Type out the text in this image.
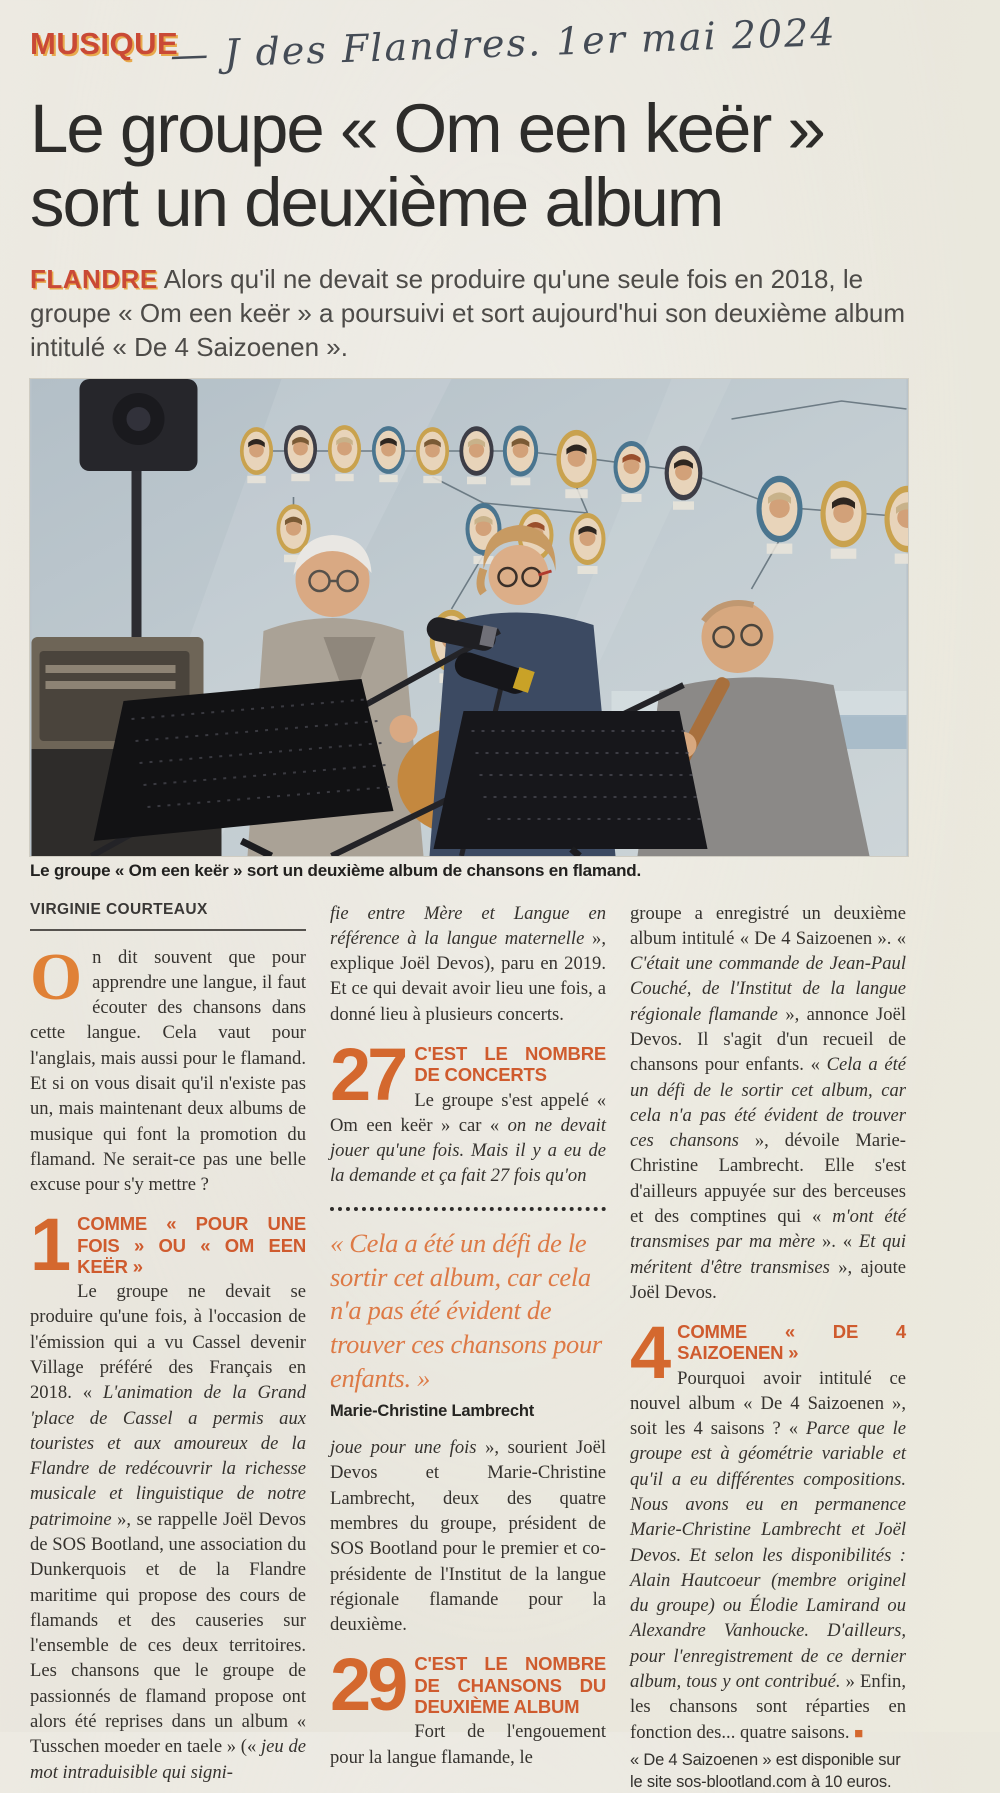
MUSIQUE
— J des Flandres. 1er mai 2024
Le groupe « Om een keër »
sort un deuxième album

FLANDRE Alors qu'il ne devait se produire qu'une seule fois en 2018, le groupe « Om een keër » a poursuivi et sort aujourd'hui son deuxième album intitulé « De 4 Saizoenen ».

Le groupe « Om een keër » sort un deuxième album de chansons en flamand.

VIRGINIE COURTEAUX

On dit souvent que pour apprendre une langue, il faut écouter des chansons dans cette langue. Cela vaut pour l'anglais, mais aussi pour le flamand. Et si on vous disait qu'il n'existe pas un, mais maintenant deux albums de musique qui font la promotion du flamand. Ne serait-ce pas une belle excuse pour s'y mettre ?

1 COMME « POUR UNE FOIS » OU « OM EEN KEËR »

Le groupe ne devait se produire qu'une fois, à l'occasion de l'émission qui a vu Cassel devenir Village préféré des Français en 2018. « L'animation de la Grand 'place de Cassel a permis aux touristes et aux amoureux de la Flandre de redécouvrir la richesse musicale et linguistique de notre patrimoine », se rappelle Joël Devos de SOS Bootland, une association du Dunkerquois et de la Flandre maritime qui propose des cours de flamands et des causeries sur l'ensemble de ces deux territoires. Les chansons que le groupe de passionnés de flamand propose ont alors été reprises dans un album « Tusschen moeder en taele » (« jeu de mot intraduisible qui signi-

fie entre Mère et Langue en référence à la langue maternelle », explique Joël Devos), paru en 2019. Et ce qui devait avoir lieu une fois, a donné lieu à plusieurs concerts.

27 C'EST LE NOMBRE DE CONCERTS

Le groupe s'est appelé « Om een keër » car « on ne devait jouer qu'une fois. Mais il y a eu de la demande et ça fait 27 fois qu'on

« Cela a été un défi de le sortir cet album, car cela n'a pas été évident de trouver ces chansons pour enfants. »

Marie-Christine Lambrecht

joue pour une fois », sourient Joël Devos et Marie-Christine Lambrecht, deux des quatre membres du groupe, président de SOS Bootland pour le premier et co-présidente de l'Institut de la langue régionale flamande pour la deuxième.

29 C'EST LE NOMBRE DE CHANSONS DU DEUXIÈME ALBUM

Fort de l'engouement pour la langue flamande, le

groupe a enregistré un deuxième album intitulé « De 4 Saizoenen ». « C'était une commande de Jean-Paul Couché, de l'Institut de la langue régionale flamande », annonce Joël Devos. Il s'agit d'un recueil de chansons pour enfants. « Cela a été un défi de le sortir cet album, car cela n'a pas été évident de trouver ces chansons », dévoile Marie-Christine Lambrecht. Elle s'est d'ailleurs appuyée sur des berceuses et des comptines qui « m'ont été transmises par ma mère ». « Et qui méritent d'être transmises », ajoute Joël Devos.

4 COMME « DE 4 SAIZOENEN »

Pourquoi avoir intitulé ce nouvel album « De 4 Saizoenen », soit les 4 saisons ? « Parce que le groupe est à géométrie variable et qu'il a eu différentes compositions. Nous avons eu en permanence Marie-Christine Lambrecht et Joël Devos. Et selon les disponibilités : Alain Hautcoeur (membre originel du groupe) ou Élodie Lamirand ou Alexandre Vanhoucke. D'ailleurs, pour l'enregistrement de ce dernier album, tous y ont contribué. » Enfin, les chansons sont réparties en fonction des... quatre saisons. ■

« De 4 Saizoenen » est disponible sur le site sos-blootland.com à 10 euros.
